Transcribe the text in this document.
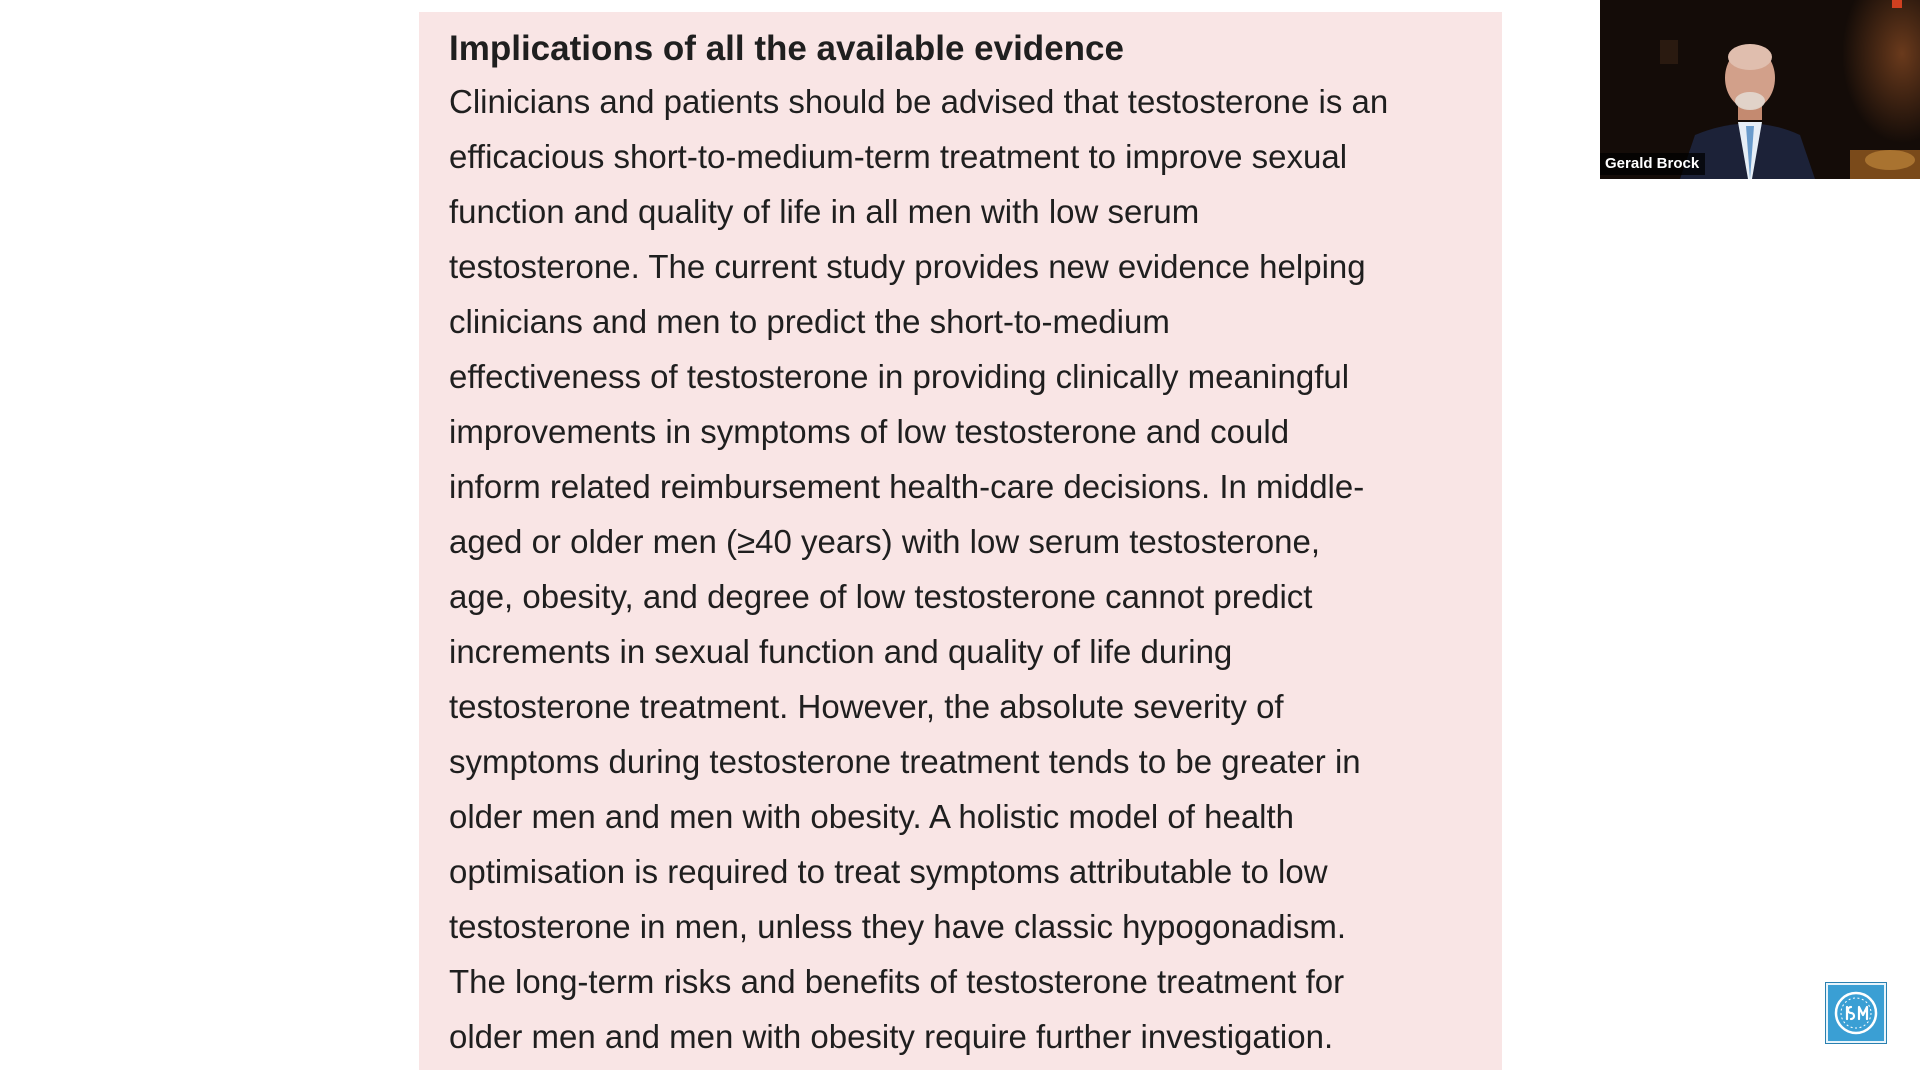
Implications of all the available evidence
Clinicians and patients should be advised that testosterone is an
efficacious short-to-medium-term treatment to improve sexual
function and quality of life in all men with low serum
testosterone. The current study provides new evidence helping
clinicians and men to predict the short-to-medium
effectiveness of testosterone in providing clinically meaningful
improvements in symptoms of low testosterone and could
inform related reimbursement health-care decisions. In middle-
aged or older men (≥40 years) with low serum testosterone,
age, obesity, and degree of low testosterone cannot predict
increments in sexual function and quality of life during
testosterone treatment. However, the absolute severity of
symptoms during testosterone treatment tends to be greater in
older men and men with obesity. A holistic model of health
optimisation is required to treat symptoms attributable to low
testosterone in men, unless they have classic hypogonadism.
The long-term risks and benefits of testosterone treatment for
older men and men with obesity require further investigation.
Gerald Brock
